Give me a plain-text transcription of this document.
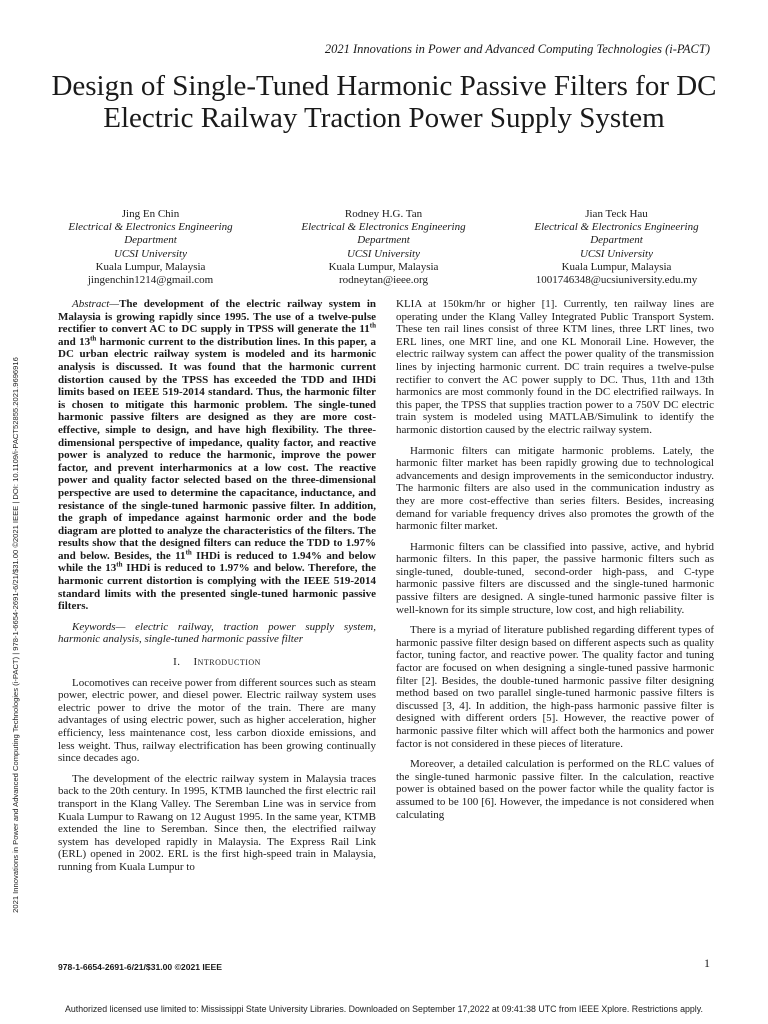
2021 Innovations in Power and Advanced Computing Technologies (i-PACT)
Design of Single-Tuned Harmonic Passive Filters for DC Electric Railway Traction Power Supply System
Jing En Chin
Electrical & Electronics Engineering
Department
UCSI University
Kuala Lumpur, Malaysia
jingenchin1214@gmail.com
Rodney H.G. Tan
Electrical & Electronics Engineering
Department
UCSI University
Kuala Lumpur, Malaysia
rodneytan@ieee.org
Jian Teck Hau
Electrical & Electronics Engineering
Department
UCSI University
Kuala Lumpur, Malaysia
1001746348@ucsiuniversity.edu.my

Abstract—The development of the electric railway system in Malaysia is growing rapidly since 1995. The use of a twelve-pulse rectifier to convert AC to DC supply in TPSS will generate the 11th and 13th harmonic current to the distribution lines. In this paper, a DC urban electric railway system is modeled and its harmonic analysis is discussed. It was found that the harmonic current distortion caused by the TPSS has exceeded the TDD and IHDi limits based on IEEE 519-2014 standard. Thus, the harmonic filter is chosen to mitigate this harmonic problem. The single-tuned harmonic passive filters are designed as they are more cost-effective, simple to design, and have high flexibility. The three-dimensional perspective of impedance, quality factor, and reactive power is analyzed to reduce the harmonic, improve the power factor, and prevent interharmonics at a low cost. The reactive power and quality factor selected based on the three-dimensional perspective are used to determine the capacitance, inductance, and resistance of the single-tuned harmonic passive filter. In addition, the graph of impedance against harmonic order and the bode diagram are plotted to analyze the characteristics of the filters. The results show that the designed filters can reduce the TDD to 1.97% and below. Besides, the 11th IHDi is reduced to 1.94% and below while the 13th IHDi is reduced to 1.97% and below. Therefore, the harmonic current distortion is complying with the IEEE 519-2014 standard limits with the presented single-tuned harmonic passive filters.

Keywords— electric railway, traction power supply system, harmonic analysis, single-tuned harmonic passive filter

I. Introduction

Locomotives can receive power from different sources such as steam power, electric power, and diesel power. Electric railway system uses electric power to drive the motor of the train. There are many advantages of using electric power, such as higher acceleration, higher efficiency, less maintenance cost, less carbon dioxide emissions, and less weight. Thus, railway electrification has been growing continually since decades ago.

The development of the electric railway system in Malaysia traces back to the 20th century. In 1995, KTMB launched the first electric rail transport in the Klang Valley. The Seremban Line was in service from Kuala Lumpur to Rawang on 12 August 1995. In the same year, KTMB extended the line to Seremban. Since then, the electrified railway system has developed rapidly in Malaysia. The Express Rail Link (ERL) opened in 2002. ERL is the first high-speed train in Malaysia, running from Kuala Lumpur to

KLIA at 150km/hr or higher [1]. Currently, ten railway lines are operating under the Klang Valley Integrated Public Transport System. These ten rail lines consist of three KTM lines, three LRT lines, two ERL lines, one MRT line, and one KL Monorail Line. However, the electric railway system can affect the power quality of the transmission lines by injecting harmonic current. DC train requires a twelve-pulse rectifier to convert the AC power supply to DC. Thus, 11th and 13th harmonics are most commonly found in the DC electrified railways. In this paper, the TPSS that supplies traction power to a 750V DC electric train system is modeled using MATLAB/Simulink to identify the harmonic distortion caused by the electric railway system.

Harmonic filters can mitigate harmonic problems. Lately, the harmonic filter market has been rapidly growing due to technological advancements and design improvements in the semiconductor industry. The harmonic filters are also used in the communication industry as they are more cost-effective than series filters. Besides, increasing demand for variable frequency drives also promotes the growth of the harmonic filter market.

Harmonic filters can be classified into passive, active, and hybrid harmonic filters. In this paper, the passive harmonic filters such as single-tuned, double-tuned, second-order high-pass, and C-type harmonic passive filters are discussed and the single-tuned harmonic passive filters are designed. A single-tuned harmonic passive filter is well-known for its simple structure, low cost, and high reliability.

There is a myriad of literature published regarding different types of harmonic passive filter design based on different aspects such as quality factor, tuning factor, and reactive power. The quality factor and tuning factor are focused on when designing a single-tuned passive harmonic filter [2]. Besides, the double-tuned harmonic passive filter designing method based on two parallel single-tuned harmonic passive filters is discussed [3, 4]. In addition, the high-pass harmonic passive filter is designed with different orders [5]. However, the reactive power of harmonic passive filter which will affect both the harmonics and power factor is not considered in these pieces of literature.

Moreover, a detailed calculation is performed on the RLC values of the single-tuned harmonic passive filter. In the calculation, reactive power is obtained based on the power factor while the quality factor is assumed to be 100 [6]. However, the impedance is not considered when calculating

2021 Innovations in Power and Advanced Computing Technologies (i-PACT) | 978-1-6654-2691-6/21/$31.00 ©2021 IEEE | DOI: 10.1109/i-PACT52855.2021.9696916
978-1-6654-2691-6/21/$31.00 ©2021 IEEE	1
Authorized licensed use limited to: Mississippi State University Libraries. Downloaded on September 17,2022 at 09:41:38 UTC from IEEE Xplore. Restrictions apply.
